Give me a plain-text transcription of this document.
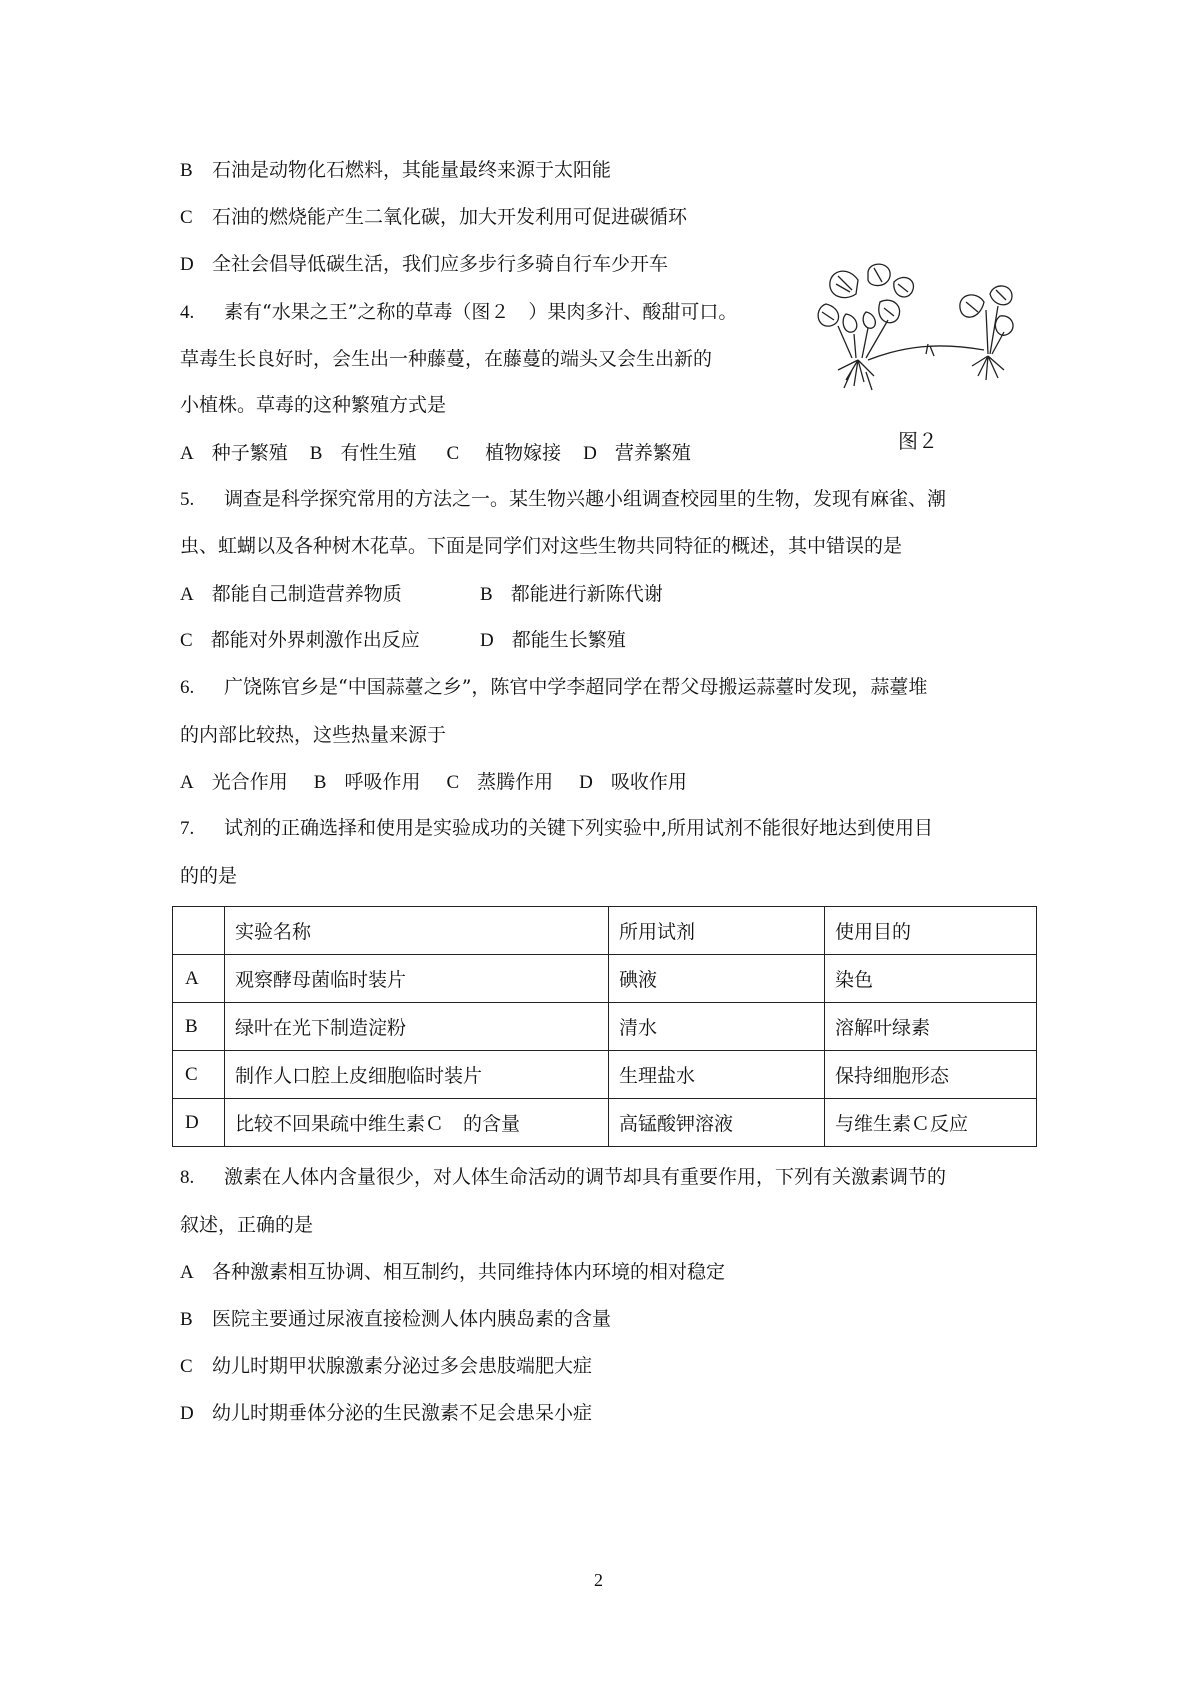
B 石油是动物化石燃料，其能量最终来源于太阳能
C 石油的燃烧能产生二氧化碳，加大开发利用可促进碳循环
D 全社会倡导低碳生活，我们应多步行多骑自行车少开车
4. 素有“水果之王”之称的草毒（图２　）果肉多汁、酸甜可口。
草毒生长良好时，会生出一种藤蔓，在藤蔓的端头又会生出新的
小植株。草毒的这种繁殖方式是
A 种子繁殖 B 有性生殖 C 植物嫁接 D 营养繁殖	图２
5. 调查是科学探究常用的方法之一。某生物兴趣小组调查校园里的生物，发现有麻雀、潮
虫、虹蝴以及各种树木花草。下面是同学们对这些生物共同特征的概述，其中错误的是
A 都能自己制造营养物质	B 都能进行新陈代谢
C 都能对外界刺激作出反应	D 都能生长繁殖
6. 广饶陈官乡是“中国蒜薹之乡”，陈官中学李超同学在帮父母搬运蒜薹时发现，蒜薹堆
的内部比较热，这些热量来源于
A 光合作用 B 呼吸作用 C 蒸腾作用 D 吸收作用
7. 试剂的正确选择和使用是实验成功的关键下列实验中,所用试剂不能很好地达到使用目
的的是
	实验名称	所用试剂	使用目的
A	观察酵母菌临时装片	碘液	染色
B	绿叶在光下制造淀粉	清水	溶解叶绿素
C	制作人口腔上皮细胞临时装片	生理盐水	保持细胞形态
D	比较不回果疏中维生素Ｃ　的含量	高锰酸钾溶液	与维生素Ｃ反应
8. 激素在人体内含量很少，对人体生命活动的调节却具有重要作用，下列有关激素调节的
叙述，正确的是
A 各种激素相互协调、相互制约，共同维持体内环境的相对稳定
B 医院主要通过尿液直接检测人体内胰岛素的含量
C 幼儿时期甲状腺激素分泌过多会患肢端肥大症
D 幼儿时期垂体分泌的生民激素不足会患呆小症
2
